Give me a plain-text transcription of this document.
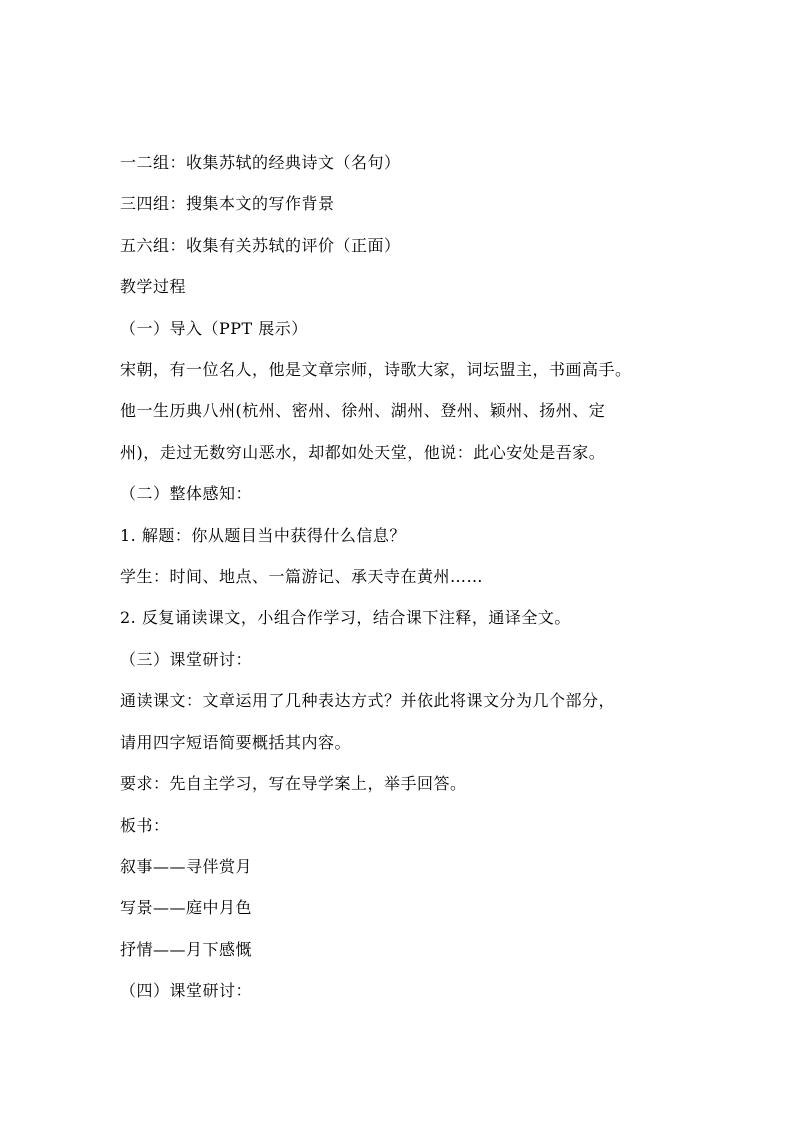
一二组：收集苏轼的经典诗文（名句）
三四组：搜集本文的写作背景
五六组：收集有关苏轼的评价（正面）
教学过程
（一）导入（PPT 展示）
宋朝，有一位名人，他是文章宗师，诗歌大家，词坛盟主，书画高手。
他一生历典八州(杭州、密州、徐州、湖州、登州、颖州、扬州、定
州)，走过无数穷山恶水，却都如处天堂，他说：此心安处是吾家。
（二）整体感知：
1. 解题：你从题目当中获得什么信息？
学生：时间、地点、一篇游记、承天寺在黄州……
2. 反复诵读课文，小组合作学习，结合课下注释，通译全文。
（三）课堂研讨：
通读课文：文章运用了几种表达方式？并依此将课文分为几个部分，
请用四字短语简要概括其内容。
要求：先自主学习，写在导学案上，举手回答。
板书：
叙事——寻伴赏月
写景——庭中月色
抒情——月下感慨
（四）课堂研讨：
